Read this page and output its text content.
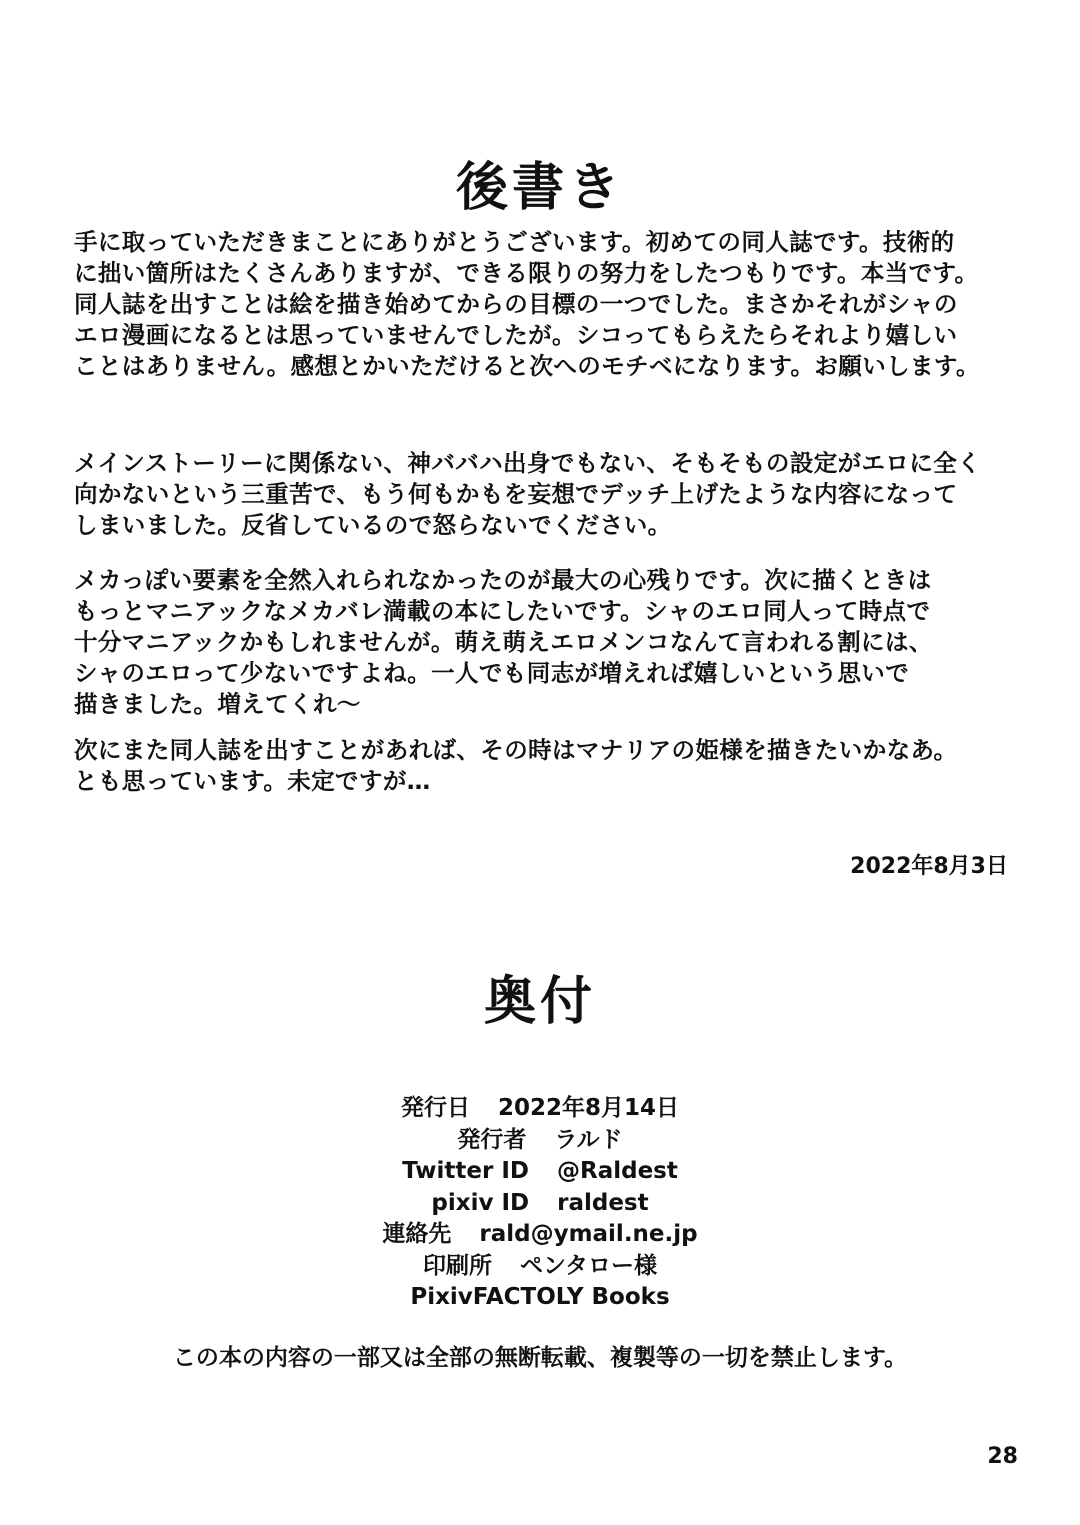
後書き
手に取っていただきまことにありがとうございます。初めての同人誌です。技術的
に拙い箇所はたくさんありますが、できる限りの努力をしたつもりです。本当です。
同人誌を出すことは絵を描き始めてからの目標の一つでした。まさかそれがシャの
エロ漫画になるとは思っていませんでしたが。シコってもらえたらそれより嬉しい
ことはありません。感想とかいただけると次へのモチベになります。お願いします。
メインストーリーに関係ない、神ババハ出身でもない、そもそもの設定がエロに全く
向かないという三重苦で、もう何もかもを妄想でデッチ上げたような内容になって
しまいました。反省しているので怒らないでください。
メカっぽい要素を全然入れられなかったのが最大の心残りです。次に描くときは
もっとマニアックなメカバレ満載の本にしたいです。シャのエロ同人って時点で
十分マニアックかもしれませんが。萌え萌えエロメンコなんて言われる割には、
シャのエロって少ないですよね。一人でも同志が増えれば嬉しいという思いで
描きました。増えてくれ～
次にまた同人誌を出すことがあれば、その時はマナリアの姫様を描きたいかなあ。
とも思っています。未定ですが…
2022年8月3日
奥付
発行日 2022年8月14日
発行者 ラルド
Twitter ID @Raldest
pixiv ID raldest
連絡先 rald@ymail.ne.jp
印刷所 ペンタロー様
PixivFACTOLY Books
この本の内容の一部又は全部の無断転載、複製等の一切を禁止します。
28
